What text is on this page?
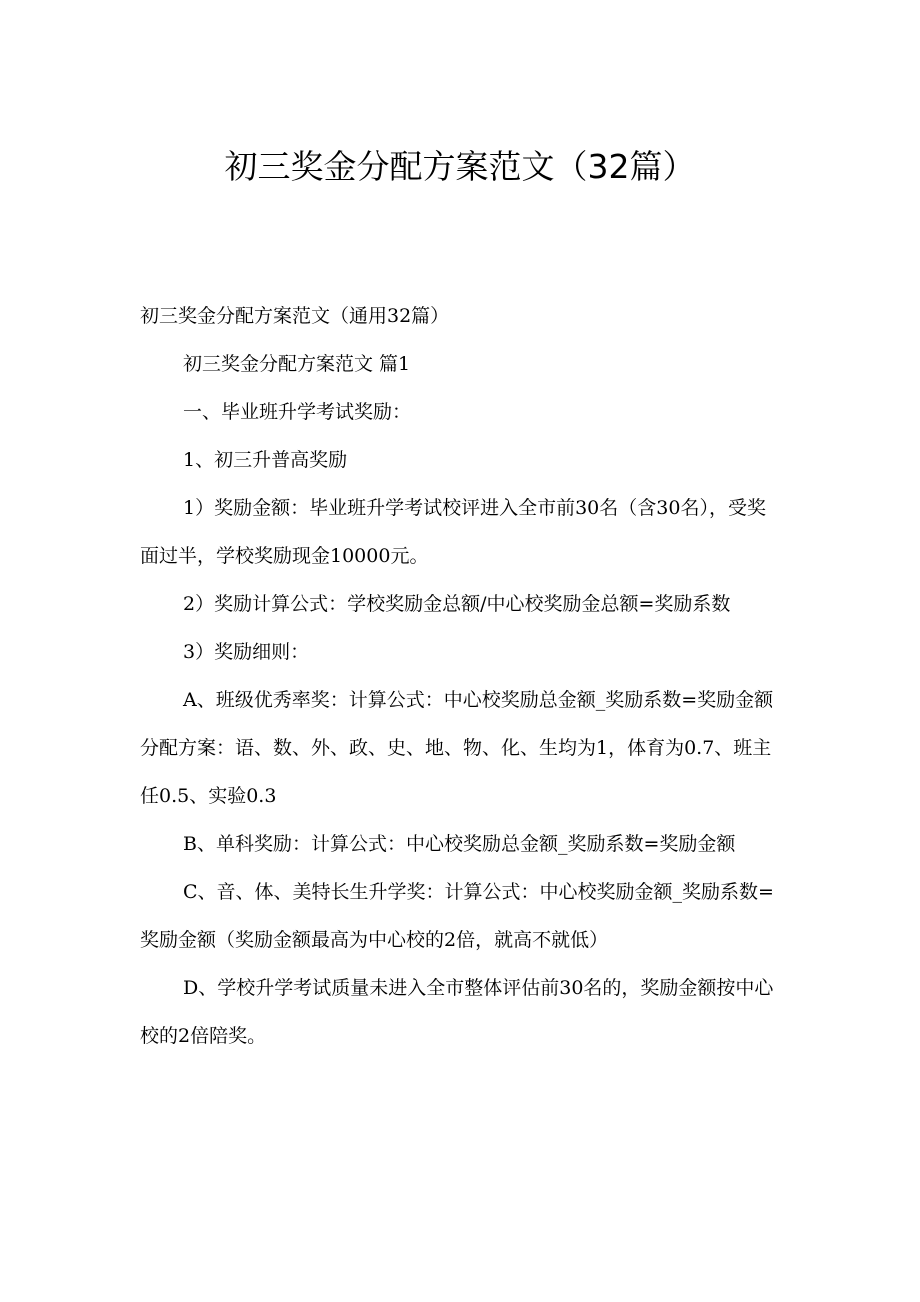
初三奖金分配方案范文（32篇）

初三奖金分配方案范文（通用32篇）

初三奖金分配方案范文 篇1

一、毕业班升学考试奖励：

1、初三升普高奖励

1）奖励金额：毕业班升学考试校评进入全市前30名（含30名），受奖面过半，学校奖励现金10000元。

2）奖励计算公式：学校奖励金总额/中心校奖励金总额=奖励系数

3）奖励细则：

A、班级优秀率奖：计算公式：中心校奖励总金额_奖励系数=奖励金额分配方案：语、数、外、政、史、地、物、化、生均为1，体育为0.7、班主任0.5、实验0.3

B、单科奖励：计算公式：中心校奖励总金额_奖励系数=奖励金额

C、音、体、美特长生升学奖：计算公式：中心校奖励金额_奖励系数=奖励金额（奖励金额最高为中心校的2倍，就高不就低）

D、学校升学考试质量未进入全市整体评估前30名的，奖励金额按中心校的2倍陪奖。
